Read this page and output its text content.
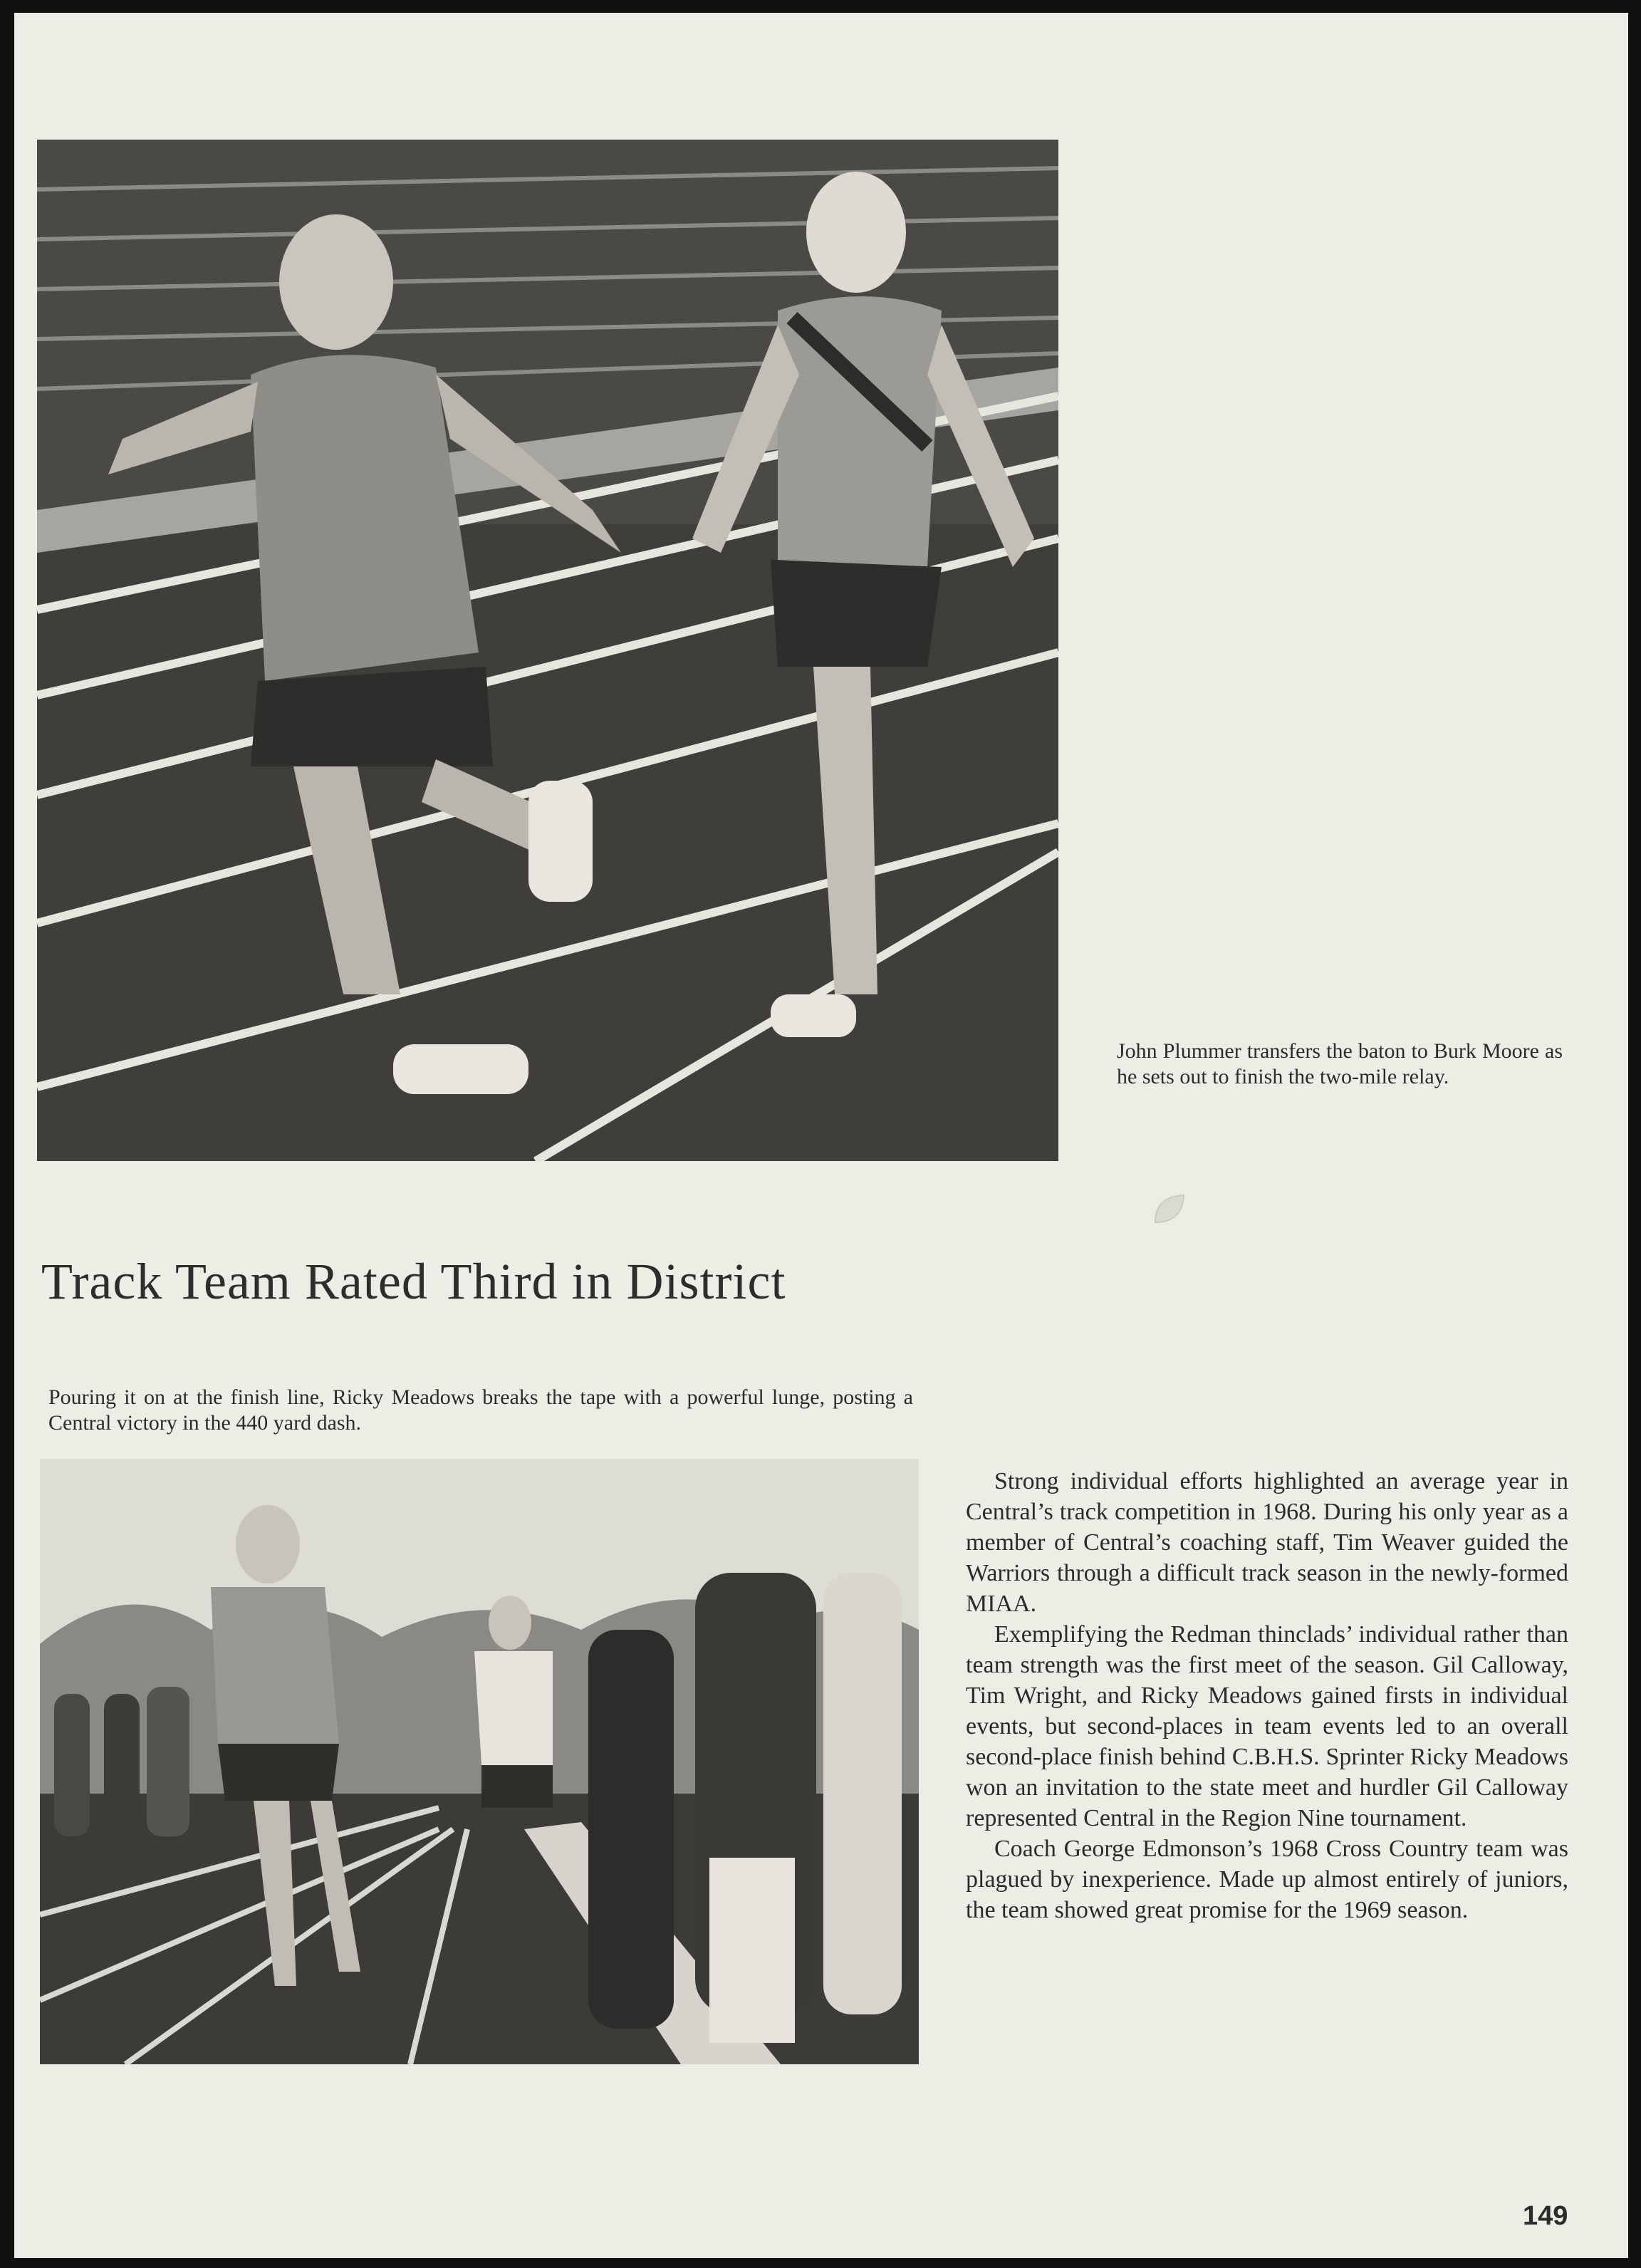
John Plummer transfers the baton to Burk Moore as he sets out to finish the two-mile relay.

Track Team Rated Third in District

Pouring it on at the finish line, Ricky Meadows breaks the tape with a powerful lunge, posting a Central victory in the 440 yard dash.

Strong individual efforts highlighted an average year in Central’s track competition in 1968. During his only year as a member of Central’s coaching staff, Tim Weaver guided the Warriors through a difficult track season in the newly-formed MIAA.

Exemplifying the Redman thinclads’ individual rather than team strength was the first meet of the season. Gil Calloway, Tim Wright, and Ricky Meadows gained firsts in individual events, but second-places in team events led to an overall second-place finish behind C.B.H.S. Sprinter Ricky Meadows won an invitation to the state meet and hurdler Gil Calloway represented Central in the Region Nine tournament.

Coach George Edmonson’s 1968 Cross Country team was plagued by inexperience. Made up almost entirely of juniors, the team showed great promise for the 1969 season.

149
